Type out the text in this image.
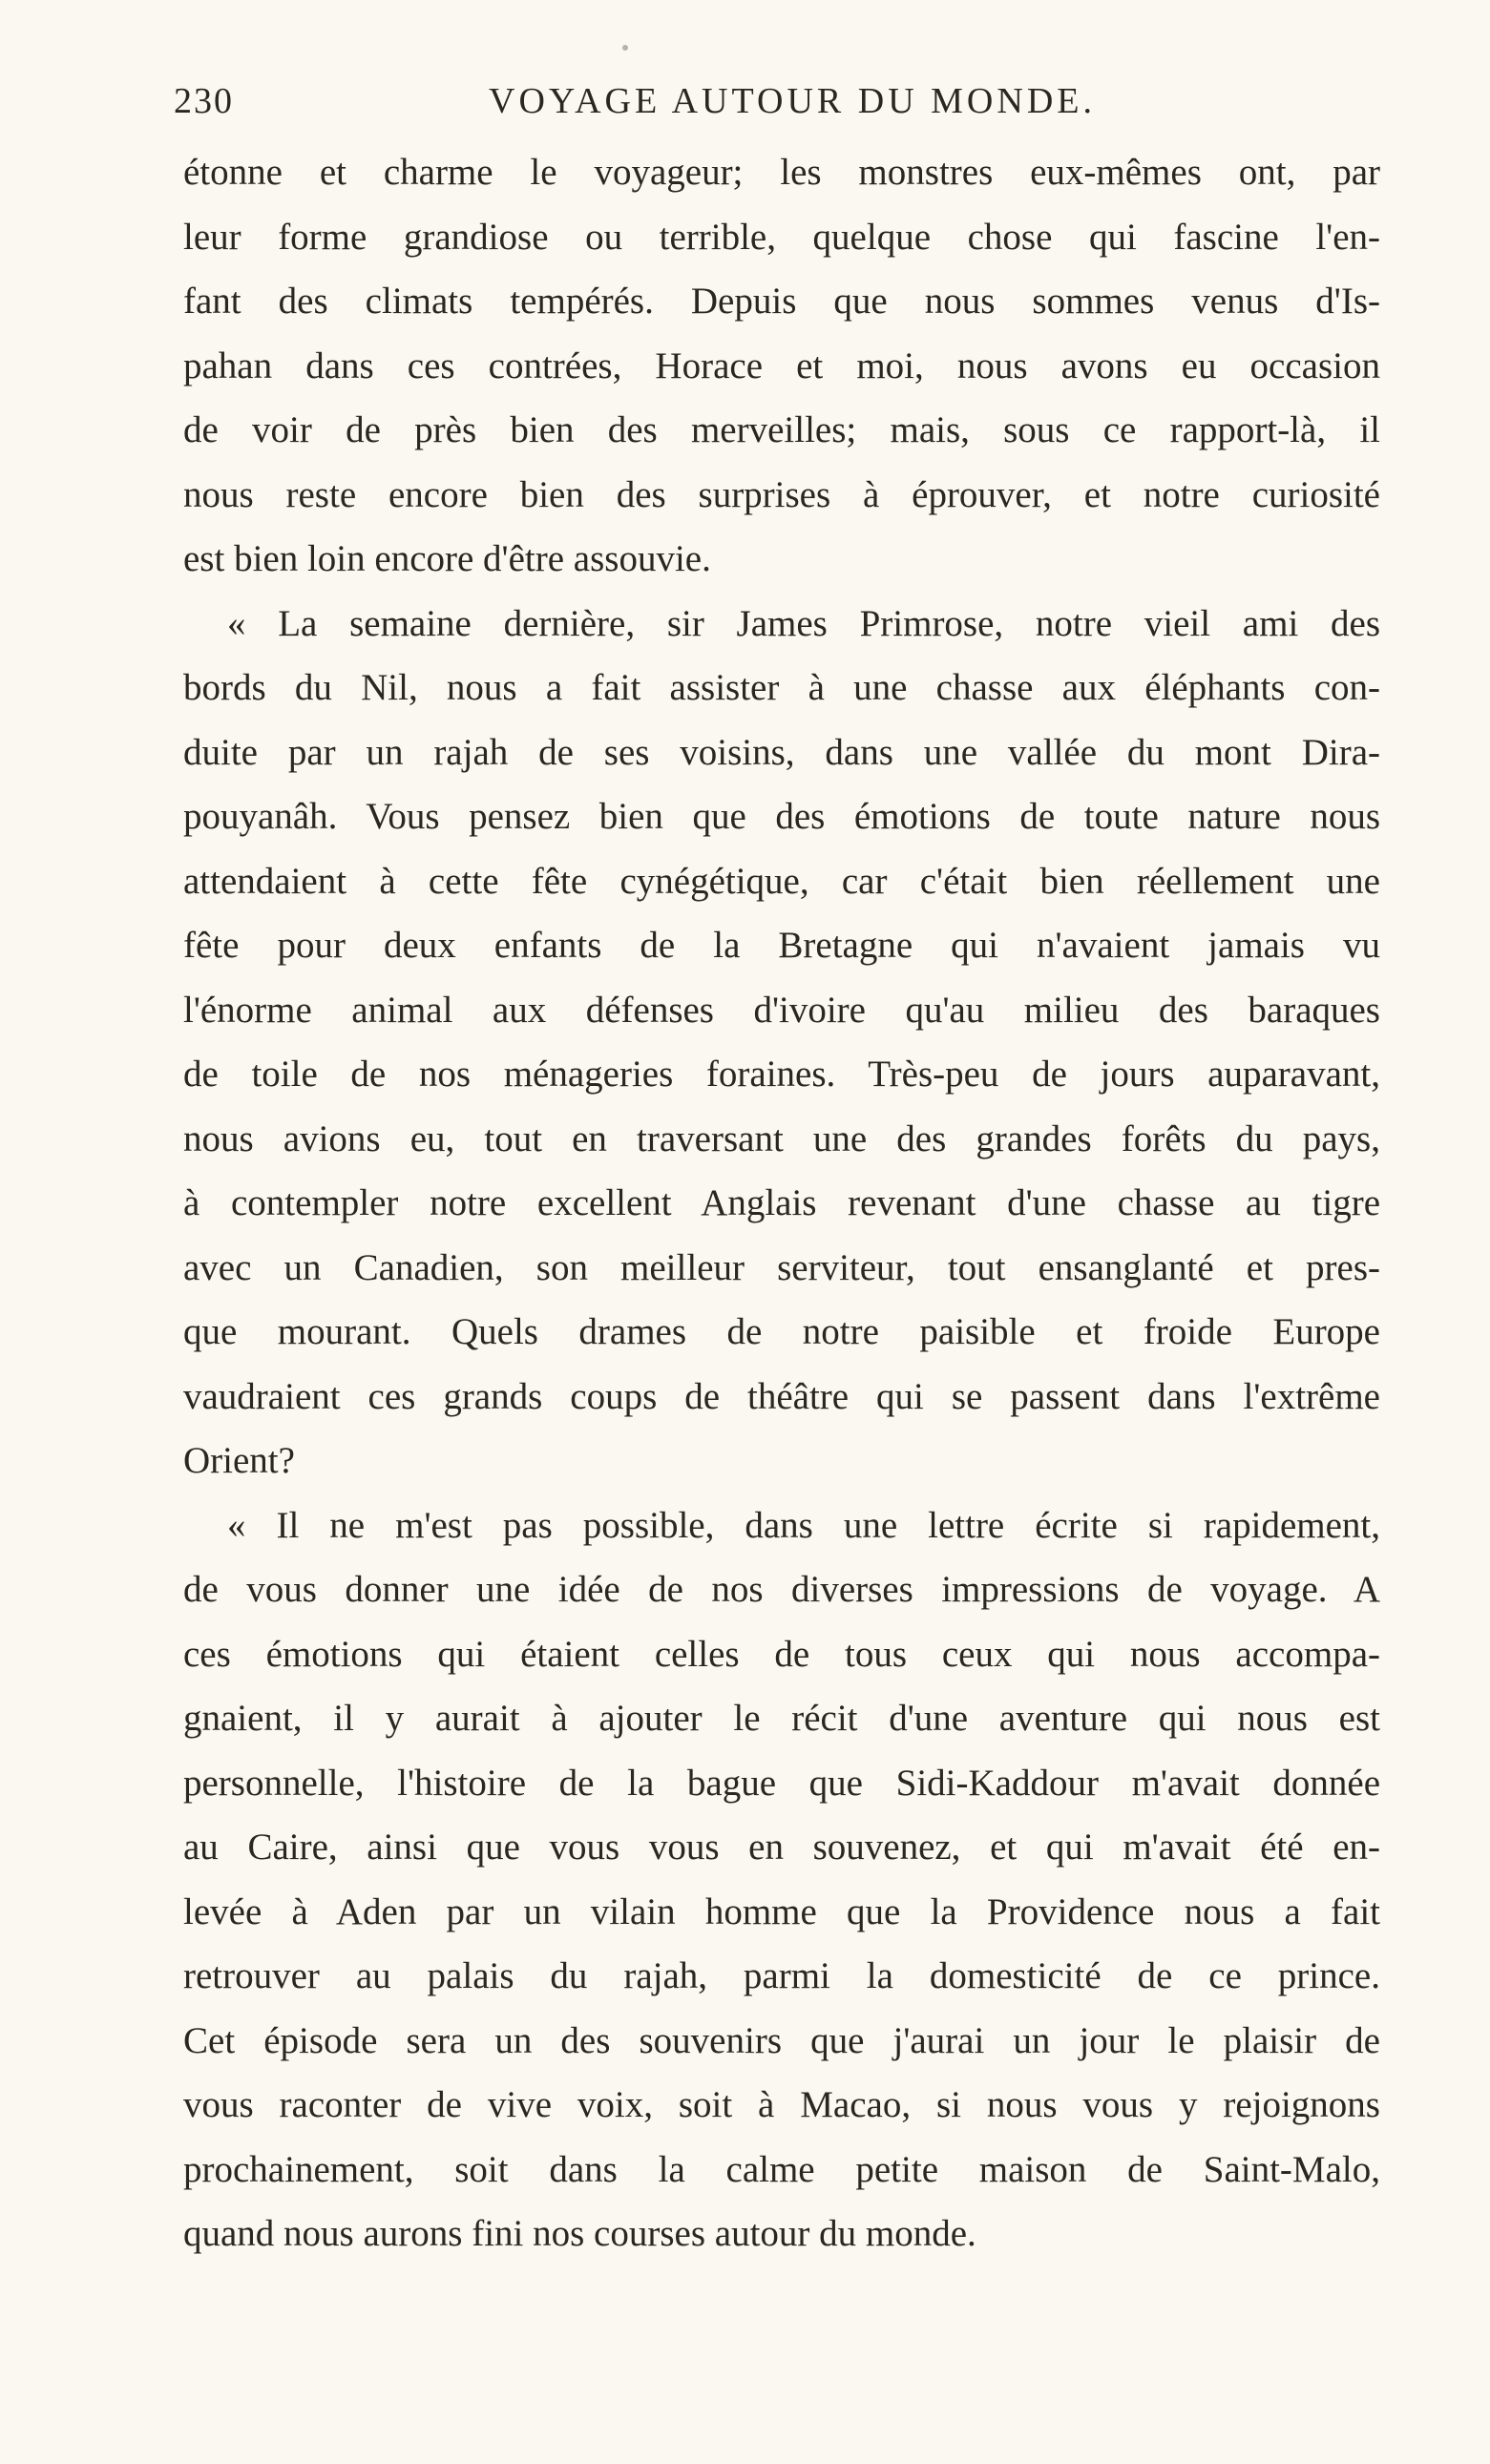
230	VOYAGE AUTOUR DU MONDE.
étonne et charme le voyageur; les monstres eux-mêmes ont, par
leur forme grandiose ou terrible, quelque chose qui fascine l'en-
fant des climats tempérés. Depuis que nous sommes venus d'Is-
pahan dans ces contrées, Horace et moi, nous avons eu occasion
de voir de près bien des merveilles; mais, sous ce rapport-là, il
nous reste encore bien des surprises à éprouver, et notre curiosité
est bien loin encore d'être assouvie.
« La semaine dernière, sir James Primrose, notre vieil ami des
bords du Nil, nous a fait assister à une chasse aux éléphants con-
duite par un rajah de ses voisins, dans une vallée du mont Dira-
pouyanâh. Vous pensez bien que des émotions de toute nature nous
attendaient à cette fête cynégétique, car c'était bien réellement une
fête pour deux enfants de la Bretagne qui n'avaient jamais vu
l'énorme animal aux défenses d'ivoire qu'au milieu des baraques
de toile de nos ménageries foraines. Très-peu de jours auparavant,
nous avions eu, tout en traversant une des grandes forêts du pays,
à contempler notre excellent Anglais revenant d'une chasse au tigre
avec un Canadien, son meilleur serviteur, tout ensanglanté et pres-
que mourant. Quels drames de notre paisible et froide Europe
vaudraient ces grands coups de théâtre qui se passent dans l'extrême
Orient?
« Il ne m'est pas possible, dans une lettre écrite si rapidement,
de vous donner une idée de nos diverses impressions de voyage. A
ces émotions qui étaient celles de tous ceux qui nous accompa-
gnaient, il y aurait à ajouter le récit d'une aventure qui nous est
personnelle, l'histoire de la bague que Sidi-Kaddour m'avait donnée
au Caire, ainsi que vous vous en souvenez, et qui m'avait été en-
levée à Aden par un vilain homme que la Providence nous a fait
retrouver au palais du rajah, parmi la domesticité de ce prince.
Cet épisode sera un des souvenirs que j'aurai un jour le plaisir de
vous raconter de vive voix, soit à Macao, si nous vous y rejoignons
prochainement, soit dans la calme petite maison de Saint-Malo,
quand nous aurons fini nos courses autour du monde.
